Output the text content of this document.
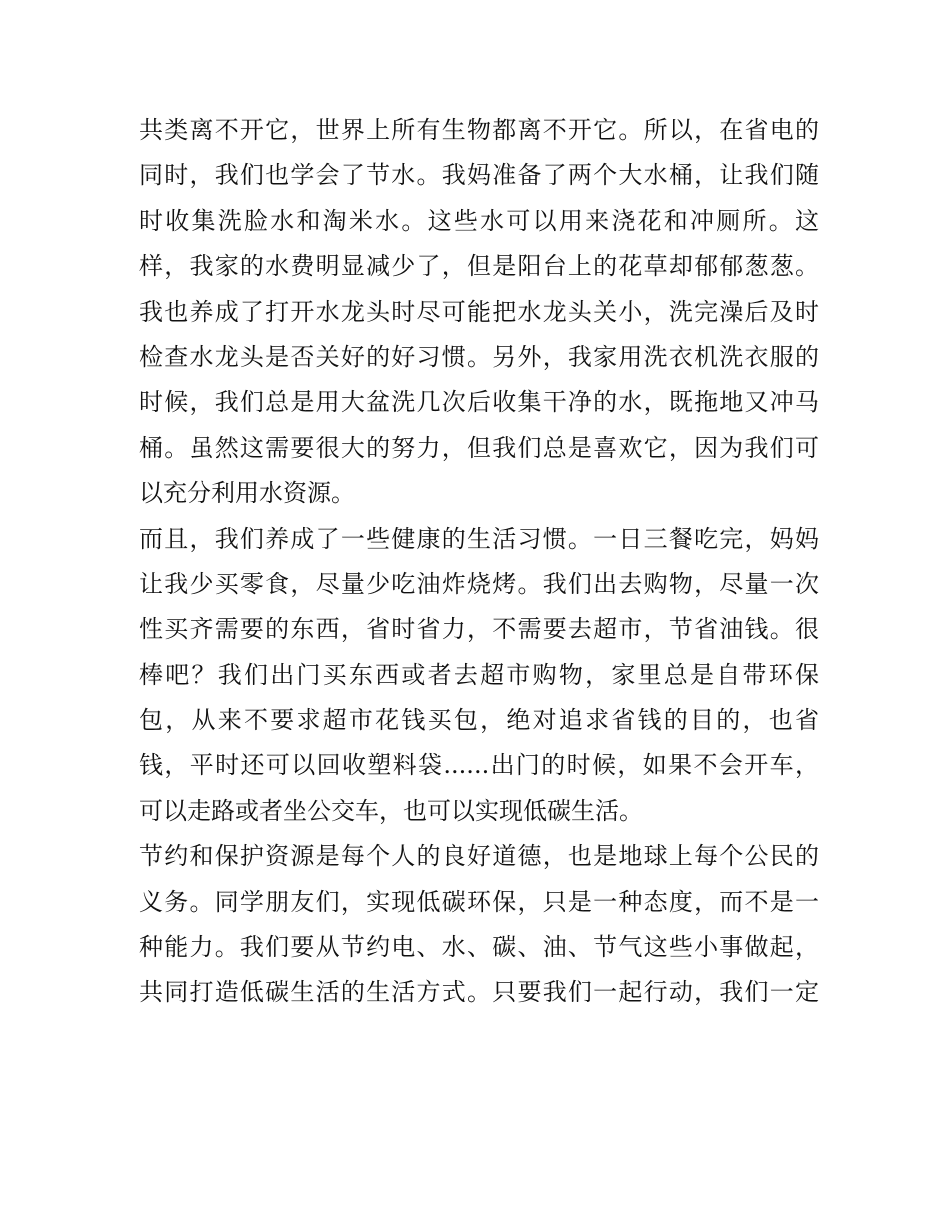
共类离不开它，世界上所有生物都离不开它。所以，在省电的
同时，我们也学会了节水。我妈准备了两个大水桶，让我们随
时收集洗脸水和淘米水。这些水可以用来浇花和冲厕所。这
样，我家的水费明显减少了，但是阳台上的花草却郁郁葱葱。
我也养成了打开水龙头时尽可能把水龙头关小，洗完澡后及时
检查水龙头是否关好的好习惯。另外，我家用洗衣机洗衣服的
时候，我们总是用大盆洗几次后收集干净的水，既拖地又冲马
桶。虽然这需要很大的努力，但我们总是喜欢它，因为我们可
以充分利用水资源。
而且，我们养成了一些健康的生活习惯。一日三餐吃完，妈妈
让我少买零食，尽量少吃油炸烧烤。我们出去购物，尽量一次
性买齐需要的东西，省时省力，不需要去超市，节省油钱。很
棒吧？我们出门买东西或者去超市购物，家里总是自带环保
包，从来不要求超市花钱买包，绝对追求省钱的目的，也省
钱，平时还可以回收塑料袋......出门的时候，如果不会开车，
可以走路或者坐公交车，也可以实现低碳生活。
节约和保护资源是每个人的良好道德，也是地球上每个公民的
义务。同学朋友们，实现低碳环保，只是一种态度，而不是一
种能力。我们要从节约电、水、碳、油、节气这些小事做起，
共同打造低碳生活的生活方式。只要我们一起行动，我们一定
